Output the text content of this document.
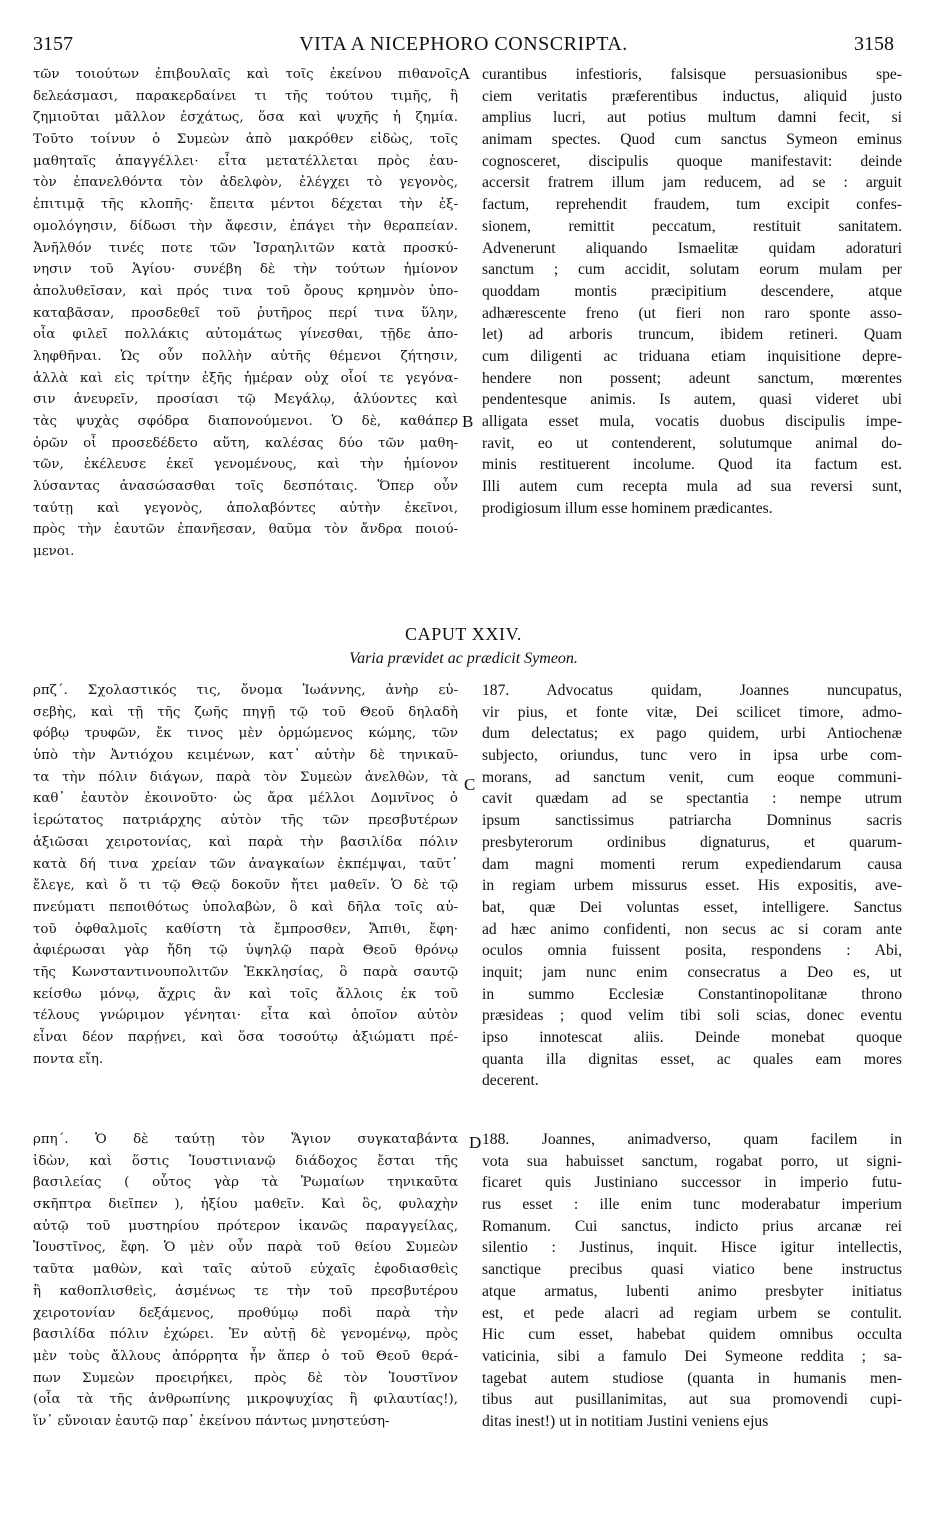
3157	VITA A NICEPHORO CONSCRIPTA.	3158
A
B
C
D
τῶν τοιούτων ἐπιβουλαῖς καὶ τοῖς ἐκείνου πιθανοῖς
δελεάσμασι, παρακερδαίνει τι τῆς τούτου τιμῆς, ἢ
ζημιοῦται μᾶλλον ἐσχάτως, ὅσα καὶ ψυχῆς ἡ ζημία.
Τοῦτο τοίνυν ὁ Συμεὼν ἀπὸ μακρόθεν εἰδὼς, τοῖς
μαθηταῖς ἀπαγγέλλει· εἶτα μετατέλλεται πρὸς ἑαυ-
τὸν ἐπανελθόντα τὸν ἀδελφὸν, ἐλέγχει τὸ γεγονὸς,
ἐπιτιμᾷ τῆς κλοπῆς· ἔπειτα μέντοι δέχεται τὴν ἐξ-
ομολόγησιν, δίδωσι τὴν ἄφεσιν, ἐπάγει τὴν θεραπείαν.
Ἀνῆλθόν τινές ποτε τῶν Ἰσραηλιτῶν κατὰ προσκύ-
νησιν τοῦ Ἁγίου· συνέβη δὲ τὴν τούτων ἡμίονον
ἀπολυθεῖσαν, καὶ πρός τινα τοῦ ὄρους κρημνὸν ὑπο-
καταβᾶσαν, προσδεθεῖ τοῦ ῥυτῆρος περί τινα ὕλην,
οἷα φιλεῖ πολλάκις αὐτομάτως γίνεσθαι, τῇδε ἀπο-
ληφθῆναι. Ὡς οὖν πολλὴν αὐτῆς θέμενοι ζήτησιν,
ἀλλὰ καὶ εἰς τρίτην ἑξῆς ἡμέραν οὐχ οἷοί τε γεγόνα-
σιν ἀνευρεῖν, προσίασι τῷ Μεγάλῳ, ἀλύοντες καὶ
τὰς ψυχὰς σφόδρα διαπονούμενοι. Ὁ δὲ, καθάπερ
ὁρῶν οἷ προσεδέδετο αὕτη, καλέσας δύο τῶν μαθη-
τῶν, ἐκέλευσε ἐκεῖ γενομένους, καὶ τὴν ἡμίονον
λύσαντας ἀνασώσασθαι τοῖς δεσπόταις. Ὅπερ οὖν
ταύτῃ καὶ γεγονὸς, ἀπολαβόντες αὐτὴν ἐκεῖνοι,
πρὸς τὴν ἑαυτῶν ἐπανῆεσαν, θαῦμα τὸν ἄνδρα ποιού-
μενοι.
curantibus infestioris, falsisque persuasionibus spe-
ciem veritatis præferentibus inductus, aliquid justo
amplius lucri, aut potius multum damni fecit, si
animam spectes. Quod cum sanctus Symeon eminus
cognosceret, discipulis quoque manifestavit: deinde
accersit fratrem illum jam reducem, ad se : arguit
factum, reprehendit fraudem, tum excipit confes-
sionem, remittit peccatum, restituit sanitatem.
Advenerunt aliquando Ismaelitæ quidam adoraturi
sanctum ; cum accidit, solutam eorum mulam per
quoddam montis præcipitium descendere, atque
adhærescente freno (ut fieri non raro sponte asso-
let) ad arboris truncum, ibidem retineri. Quam
cum diligenti ac triduana etiam inquisitione depre-
hendere non possent; adeunt sanctum, mœrentes
pendentesque animis. Is autem, quasi videret ubi
alligata esset mula, vocatis duobus discipulis impe-
ravit, eo ut contenderent, solutumque animal do-
minis restituerent incolume. Quod ita factum est.
Illi autem cum recepta mula ad sua reversi sunt,
prodigiosum illum esse hominem prædicantes.
CAPUT XXIV.
Varia prævidet ac prædicit Symeon.
ρπζ΄. Σχολαστικός τις, ὄνομα Ἰωάννης, ἀνὴρ εὐ-
σεβὴς, καὶ τῇ τῆς ζωῆς πηγῇ τῷ τοῦ Θεοῦ δηλαδὴ
φόβῳ τρυφῶν, ἔκ τινος μὲν ὁρμώμενος κώμης, τῶν
ὑπὸ τὴν Ἀντιόχου κειμένων, κατ᾽ αὐτὴν δὲ τηνικαῦ-
τα τὴν πόλιν διάγων, παρὰ τὸν Συμεὼν ἀνελθὼν, τὰ
καθ᾽ ἑαυτὸν ἐκοινοῦτο· ὡς ἄρα μέλλοι Δομνῖνος ὁ
ἱερώτατος πατριάρχης αὐτὸν τῆς τῶν πρεσβυτέρων
ἀξιῶσαι χειροτονίας, καὶ παρὰ τὴν βασιλίδα πόλιν
κατὰ δή τινα χρείαν τῶν ἀναγκαίων ἐκπέμψαι, ταῦτ᾽
ἔλεγε, καὶ ὅ τι τῷ Θεῷ δοκοῦν ἤτει μαθεῖν. Ὁ δὲ τῷ
πνεύματι πεποιθότως ὑπολαβὼν, ὃ καὶ δῆλα τοῖς αὐ-
τοῦ ὀφθαλμοῖς καθίστη τὰ ἔμπροσθεν, Ἄπιθι, ἔφη·
ἀφιέρωσαι γὰρ ἤδη τῷ ὑψηλῷ παρὰ Θεοῦ θρόνῳ
τῆς Κωνσταντινουπολιτῶν Ἐκκλησίας, ὃ παρὰ σαυτῷ
κείσθω μόνῳ, ἄχρις ἂν καὶ τοῖς ἄλλοις ἐκ τοῦ
τέλους γνώριμον γένηται· εἶτα καὶ ὁποῖον αὐτὸν
εἶναι δέον παρῄνει, καὶ ὅσα τοσούτῳ ἀξιώματι πρέ-
ποντα εἴη.
187. Advocatus quidam, Joannes nuncupatus,
vir pius, et fonte vitæ, Dei scilicet timore, admo-
dum delectatus; ex pago quidem, urbi Antiochenæ
subjecto, oriundus, tunc vero in ipsa urbe com-
morans, ad sanctum venit, cum eoque communi-
cavit quædam ad se spectantia : nempe utrum
ipsum sanctissimus patriarcha Domninus sacris
presbyterorum ordinibus dignaturus, et quarum-
dam magni momenti rerum expediendarum causa
in regiam urbem missurus esset. His expositis, ave-
bat, quæ Dei voluntas esset, intelligere. Sanctus
ad hæc animo confidenti, non secus ac si coram ante
oculos omnia fuissent posita, respondens : Abi,
inquit; jam nunc enim consecratus a Deo es, ut
in summo Ecclesiæ Constantinopolitanæ throno
præsideas ; quod velim tibi soli scias, donec eventu
ipso innotescat aliis. Deinde monebat quoque
quanta illa dignitas esset, ac quales eam mores
decerent.
ρπη΄. Ὁ δὲ ταύτῃ τὸν Ἅγιον συγκαταβάντα
ἰδὼν, καὶ ὅστις Ἰουστινιανῷ διάδοχος ἔσται τῆς
βασιλείας ( οὗτος γὰρ τὰ Ῥωμαίων τηνικαῦτα
σκῆπτρα διεῖπεν ), ἠξίου μαθεῖν. Καὶ ὃς, φυλαχὴν
αὐτῷ τοῦ μυστηρίου πρότερον ἱκανῶς παραγγείλας,
Ἰουστῖνος, ἔφη. Ὁ μὲν οὖν παρὰ τοῦ θείου Συμεὼν
ταῦτα μαθὼν, καὶ ταῖς αὐτοῦ εὐχαῖς ἐφοδιασθεὶς
ἢ καθοπλισθεὶς, ἀσμένως τε τὴν τοῦ πρεσβυτέρου
χειροτονίαν δεξάμενος, προθύμῳ ποδὶ παρὰ τὴν
βασιλίδα πόλιν ἐχώρει. Ἐν αὐτῇ δὲ γενομένῳ, πρὸς
μὲν τοὺς ἄλλους ἀπόρρητα ἦν ἅπερ ὁ τοῦ Θεοῦ θερά-
πων Συμεὼν προειρήκει, πρὸς δὲ τὸν Ἰουστῖνον
(οἷα τὰ τῆς ἀνθρωπίνης μικροψυχίας ἢ φιλαυτίας!),
ἵν᾽ εὔνοιαν ἑαυτῷ παρ᾽ ἐκείνου πάντως μνηστεύση-
188. Joannes, animadverso, quam facilem in
vota sua habuisset sanctum, rogabat porro, ut signi-
ficaret quis Justiniano successor in imperio futu-
rus esset : ille enim tunc moderabatur imperium
Romanum. Cui sanctus, indicto prius arcanæ rei
silentio : Justinus, inquit. Hisce igitur intellectis,
sanctique precibus quasi viatico bene instructus
atque armatus, lubenti animo presbyter initiatus
est, et pede alacri ad regiam urbem se contulit.
Hic cum esset, habebat quidem omnibus occulta
vaticinia, sibi a famulo Dei Symeone reddita ; sa-
tagebat autem studiose (quanta in humanis men-
tibus aut pusillanimitas, aut sua promovendi cupi-
ditas inest!) ut in notitiam Justini veniens ejus
